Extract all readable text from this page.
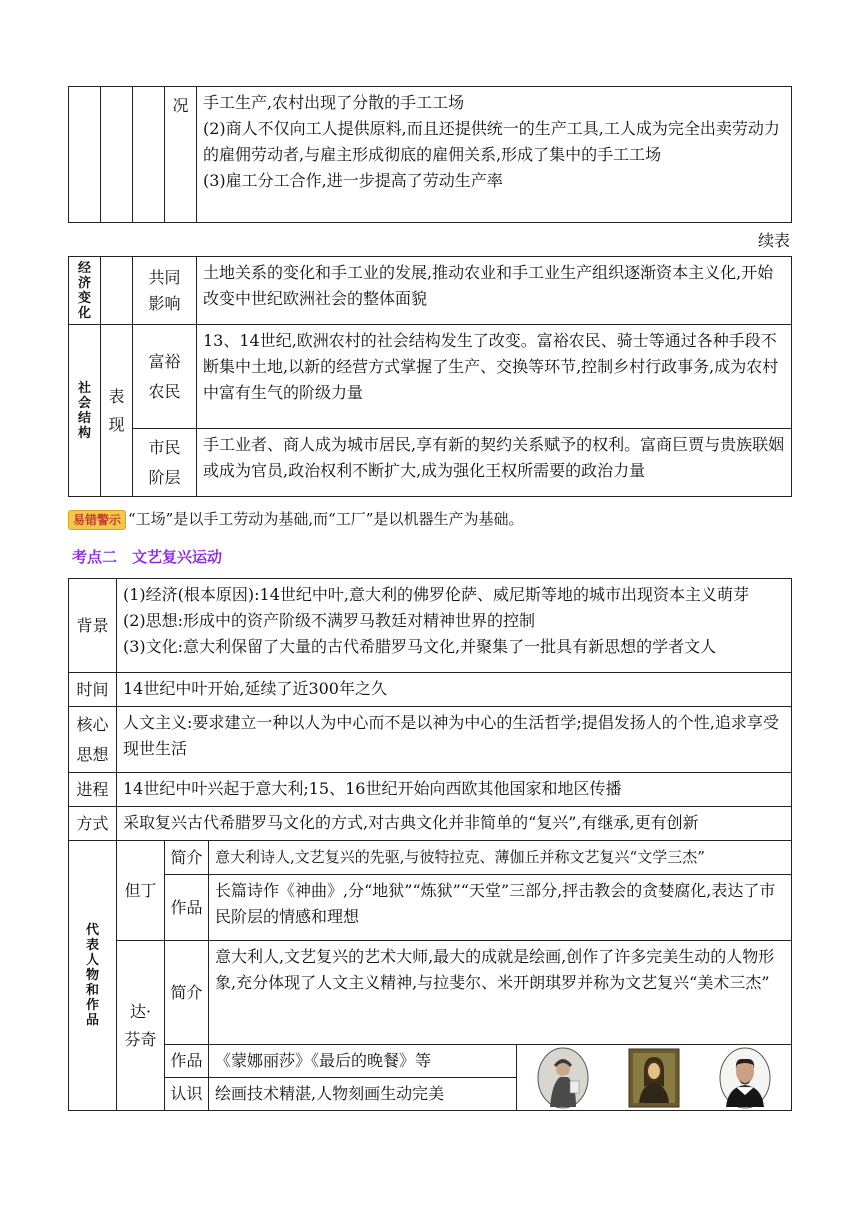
			况	手工生产,农村出现了分散的手工工场

(2)商人不仅向工人提供原料,而且还提供统一的生产工具,工人成为完全出卖劳动力的雇佣劳动者,与雇主形成彻底的雇佣关系,形成了集中的手工工场

(3)雇工分工合作,进一步提高了劳动生产率

续表
经济变化		共同影响	土地关系的变化和手工业的发展,推动农业和手工业生产组织逐渐资本主义化,开始改变中世纪欧洲社会的整体面貌

社会结构	表现	富裕农民	13、14世纪,欧洲农村的社会结构发生了改变。富裕农民、骑士等通过各种手段不断集中土地,以新的经营方式掌握了生产、交换等环节,控制乡村行政事务,成为农村中富有生气的阶级力量

		市民阶层	手工业者、商人成为城市居民,享有新的契约关系赋予的权利。富商巨贾与贵族联姻或成为官员,政治权利不断扩大,成为强化王权所需要的政治力量
易错警示 “工场”是以手工劳动为基础,而“工厂”是以机器生产为基础。
考点二　文艺复兴运动
背景	(1)经济(根本原因):14世纪中叶,意大利的佛罗伦萨、威尼斯等地的城市出现资本主义萌芽

(2)思想:形成中的资产阶级不满罗马教廷对精神世界的控制

(3)文化:意大利保留了大量的古代希腊罗马文化,并聚集了一批具有新思想的学者文人			

时间	14世纪中叶开始,延续了近300年之久			

核心思想	人文主义:要求建立一种以人为中心而不是以神为中心的生活哲学;提倡发扬人的个性,追求享受现世生活			
进程	14世纪中叶兴起于意大利;15、16世纪开始向西欧其他国家和地区传播			
方式	采取复兴古代希腊罗马文化的方式,对古典文化并非简单的“复兴”,有继承,更有创新			

代表人物和作品	但丁	简介	意大利诗人,文艺复兴的先驱,与彼特拉克、薄伽丘并称文艺复兴“文学三杰”	
		作品	长篇诗作《神曲》,分“地狱”“炼狱”“天堂”三部分,抨击教会的贪婪腐化,表达了市民阶层的情感和理想	

	达·芬奇	简介	意大利人,文艺复兴的艺术大师,最大的成就是绘画,创作了许多完美生动的人物形象,充分体现了人文主义精神,与拉斐尔、米开朗琪罗并称为文艺复兴“美术三杰”	
		作品	《蒙娜丽莎》《最后的晚餐》等	

		认识	绘画技术精湛,人物刻画生动完美	
